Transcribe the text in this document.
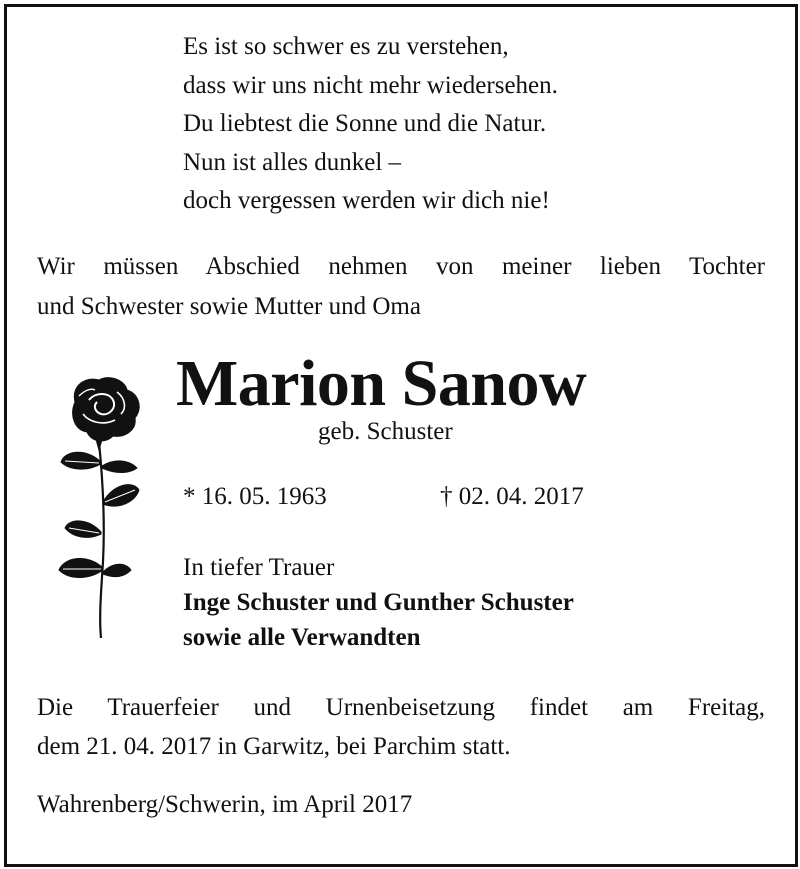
Es ist so schwer es zu verstehen,
dass wir uns nicht mehr wiedersehen.
Du liebtest die Sonne und die Natur.
Nun ist alles dunkel –
doch vergessen werden wir dich nie!
Wir müssen Abschied nehmen von meiner lieben Tochter
und Schwester sowie Mutter und Oma
Marion Sanow
geb. Schuster
* 16. 05. 1963	† 02. 04. 2017
In tiefer Trauer
Inge Schuster und Gunther Schuster
sowie alle Verwandten
Die Trauerfeier und Urnenbeisetzung findet am Freitag,
dem 21. 04. 2017 in Garwitz, bei Parchim statt.
Wahrenberg/Schwerin, im April 2017
